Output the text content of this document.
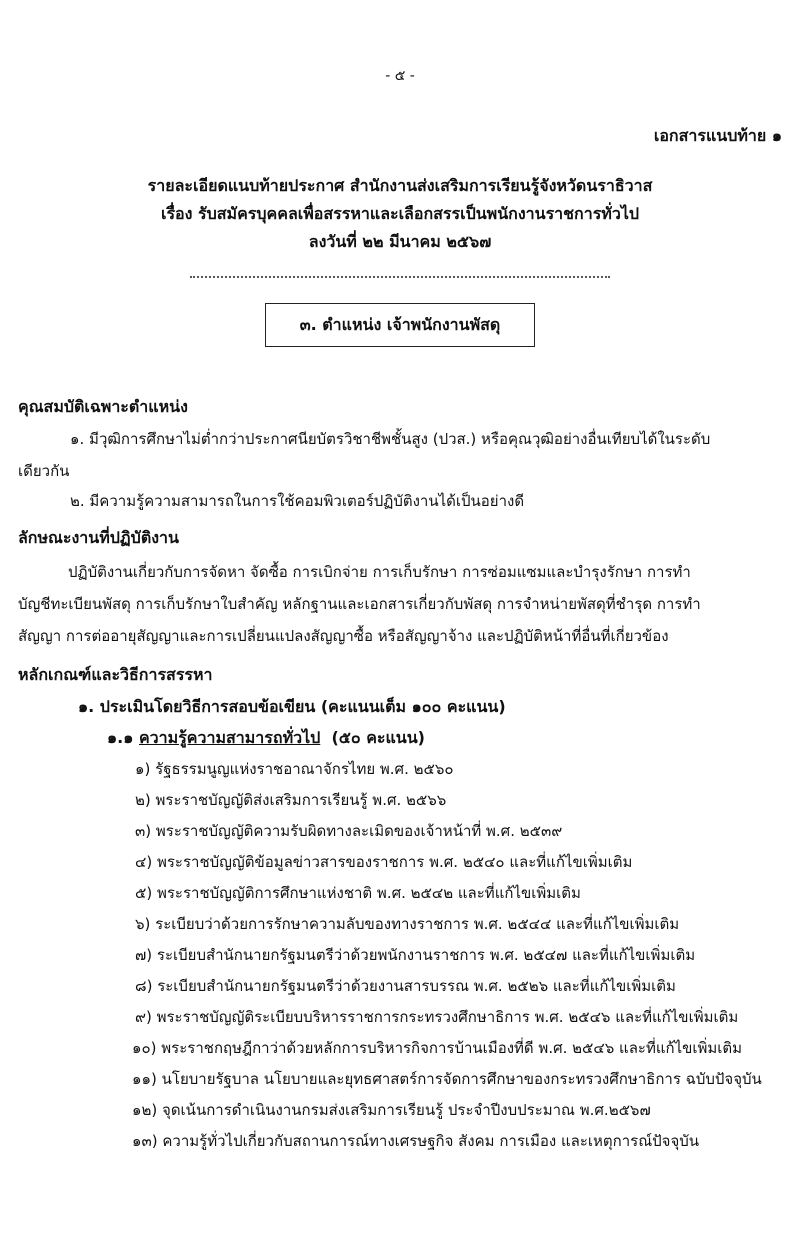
- ๕ -
เอกสารแนบท้าย ๑
รายละเอียดแนบท้ายประกาศ สำนักงานส่งเสริมการเรียนรู้จังหวัดนราธิวาส
เรื่อง รับสมัครบุคคลเพื่อสรรหาและเลือกสรรเป็นพนักงานราชการทั่วไป
ลงวันที่ ๒๒ มีนาคม ๒๕๖๗
๓. ตำแหน่ง เจ้าพนักงานพัสดุ
คุณสมบัติเฉพาะตำแหน่ง
๑. มีวุฒิการศึกษาไม่ต่ำกว่าประกาศนียบัตรวิชาชีพชั้นสูง (ปวส.) หรือคุณวุฒิอย่างอื่นเทียบได้ในระดับ
เดียวกัน
๒. มีความรู้ความสามารถในการใช้คอมพิวเตอร์ปฏิบัติงานได้เป็นอย่างดี
ลักษณะงานที่ปฏิบัติงาน
ปฏิบัติงานเกี่ยวกับการจัดหา จัดซื้อ การเบิกจ่าย การเก็บรักษา การซ่อมแซมและบำรุงรักษา การทำ
บัญชีทะเบียนพัสดุ การเก็บรักษาใบสำคัญ หลักฐานและเอกสารเกี่ยวกับพัสดุ การจำหน่ายพัสดุที่ชำรุด การทำ
สัญญา การต่ออายุสัญญาและการเปลี่ยนแปลงสัญญาซื้อ หรือสัญญาจ้าง และปฏิบัติหน้าที่อื่นที่เกี่ยวข้อง
หลักเกณฑ์และวิธีการสรรหา
๑. ประเมินโดยวิธีการสอบข้อเขียน (คะแนนเต็ม ๑๐๐ คะแนน)
๑.๑ ความรู้ความสามารถทั่วไป (๕๐ คะแนน)
๑) รัฐธรรมนูญแห่งราชอาณาจักรไทย พ.ศ. ๒๕๖๐
๒) พระราชบัญญัติส่งเสริมการเรียนรู้ พ.ศ. ๒๕๖๖
๓) พระราชบัญญัติความรับผิดทางละเมิดของเจ้าหน้าที่ พ.ศ. ๒๕๓๙
๔) พระราชบัญญัติข้อมูลข่าวสารของราชการ พ.ศ. ๒๕๔๐ และที่แก้ไขเพิ่มเติม
๕) พระราชบัญญัติการศึกษาแห่งชาติ พ.ศ. ๒๕๔๒ และที่แก้ไขเพิ่มเติม
๖) ระเบียบว่าด้วยการรักษาความลับของทางราชการ พ.ศ. ๒๕๔๔ และที่แก้ไขเพิ่มเติม
๗) ระเบียบสำนักนายกรัฐมนตรีว่าด้วยพนักงานราชการ พ.ศ. ๒๕๔๗ และที่แก้ไขเพิ่มเติม
๘) ระเบียบสำนักนายกรัฐมนตรีว่าด้วยงานสารบรรณ พ.ศ. ๒๕๒๖ และที่แก้ไขเพิ่มเติม
๙) พระราชบัญญัติระเบียบบริหารราชการกระทรวงศึกษาธิการ พ.ศ. ๒๕๔๖ และที่แก้ไขเพิ่มเติม
๑๐) พระราชกฤษฎีกาว่าด้วยหลักการบริหารกิจการบ้านเมืองที่ดี พ.ศ. ๒๕๔๖ และที่แก้ไขเพิ่มเติม
๑๑) นโยบายรัฐบาล นโยบายและยุทธศาสตร์การจัดการศึกษาของกระทรวงศึกษาธิการ ฉบับปัจจุบัน
๑๒) จุดเน้นการดำเนินงานกรมส่งเสริมการเรียนรู้ ประจำปีงบประมาณ พ.ศ.๒๕๖๗
๑๓) ความรู้ทั่วไปเกี่ยวกับสถานการณ์ทางเศรษฐกิจ สังคม การเมือง และเหตุการณ์ปัจจุบัน
